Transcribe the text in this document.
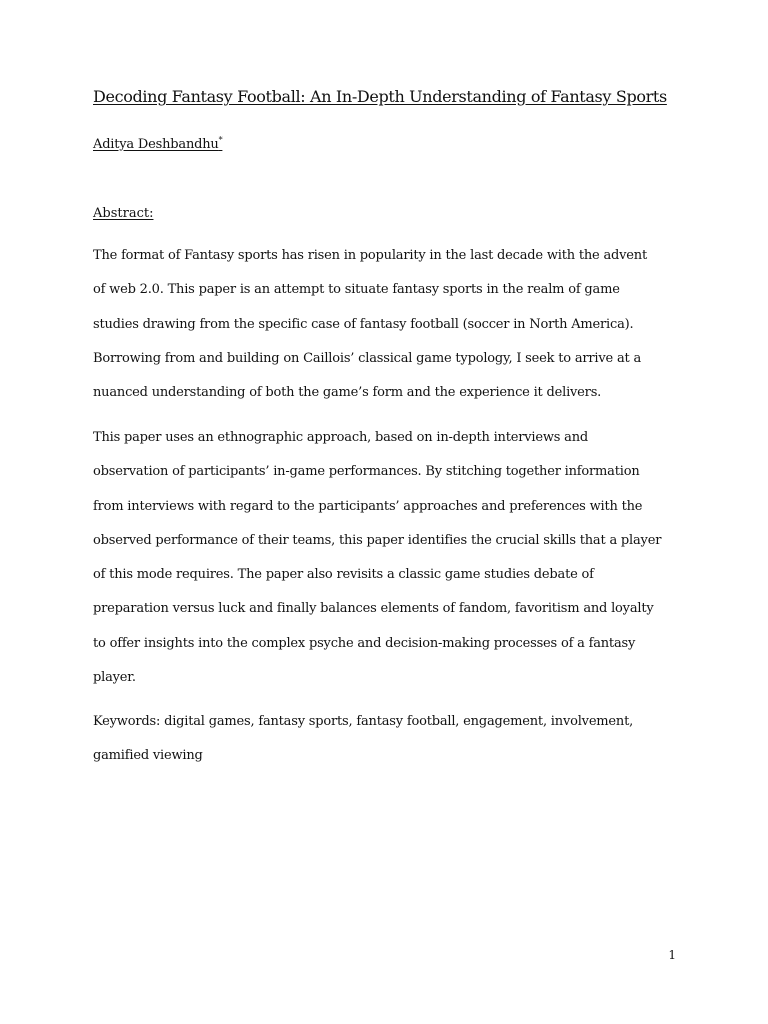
Decoding Fantasy Football: An In-Depth Understanding of Fantasy Sports
Aditya Deshbandhu*
Abstract:

The format of Fantasy sports has risen in popularity in the last decade with the advent
of web 2.0. This paper is an attempt to situate fantasy sports in the realm of game
studies drawing from the specific case of fantasy football (soccer in North America).
Borrowing from and building on Caillois’ classical game typology, I seek to arrive at a
nuanced understanding of both the game’s form and the experience it delivers.

This paper uses an ethnographic approach, based on in-depth interviews and
observation of participants’ in-game performances. By stitching together information
from interviews with regard to the participants’ approaches and preferences with the
observed performance of their teams, this paper identifies the crucial skills that a player
of this mode requires. The paper also revisits a classic game studies debate of
preparation versus luck and finally balances elements of fandom, favoritism and loyalty
to offer insights into the complex psyche and decision-making processes of a fantasy
player.

Keywords: digital games, fantasy sports, fantasy football, engagement, involvement,
gamified viewing

1
